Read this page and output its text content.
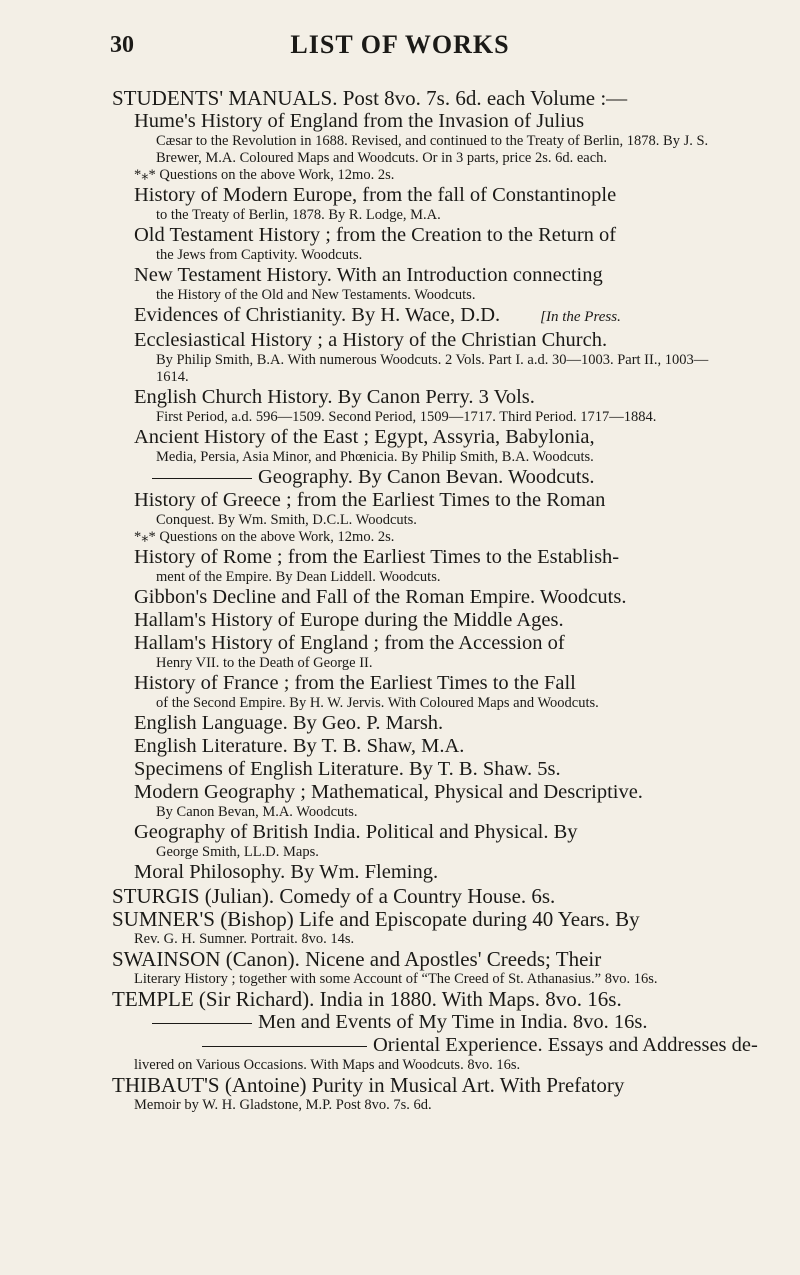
30	LIST OF WORKS
STUDENTS' MANUALS. Post 8vo. 7s. 6d. each Volume :—
Hume's History of England from the Invasion of Julius
Cæsar to the Revolution in 1688. Revised, and continued to the Treaty of Berlin, 1878. By J. S. Brewer, M.A. Coloured Maps and Woodcuts. Or in 3 parts, price 2s. 6d. each.
*⁎* Questions on the above Work, 12mo. 2s.
History of Modern Europe, from the fall of Constantinople
to the Treaty of Berlin, 1878. By R. Lodge, M.A.
Old Testament History ; from the Creation to the Return of
the Jews from Captivity. Woodcuts.
New Testament History. With an Introduction connecting
the History of the Old and New Testaments. Woodcuts.
Evidences of Christianity. By H. Wace, D.D.	[In the Press.
Ecclesiastical History ; a History of the Christian Church.
By Philip Smith, B.A. With numerous Woodcuts. 2 Vols. Part I. a.d. 30—1003. Part II., 1003—1614.
English Church History. By Canon Perry. 3 Vols.
First Period, a.d. 596—1509. Second Period, 1509—1717. Third Period. 1717—1884.
Ancient History of the East ; Egypt, Assyria, Babylonia,
Media, Persia, Asia Minor, and Phœnicia. By Philip Smith, B.A. Woodcuts.
Geography. By Canon Bevan. Woodcuts.
History of Greece ; from the Earliest Times to the Roman
Conquest. By Wm. Smith, D.C.L. Woodcuts.
*⁎* Questions on the above Work, 12mo. 2s.
History of Rome ; from the Earliest Times to the Establish-
ment of the Empire. By Dean Liddell. Woodcuts.
Gibbon's Decline and Fall of the Roman Empire. Woodcuts.
Hallam's History of Europe during the Middle Ages.
Hallam's History of England ; from the Accession of
Henry VII. to the Death of George II.
History of France ; from the Earliest Times to the Fall
of the Second Empire. By H. W. Jervis. With Coloured Maps and Woodcuts.
English Language. By Geo. P. Marsh.
English Literature. By T. B. Shaw, M.A.
Specimens of English Literature. By T. B. Shaw. 5s.
Modern Geography ; Mathematical, Physical and Descriptive.
By Canon Bevan, M.A. Woodcuts.
Geography of British India. Political and Physical. By
George Smith, LL.D. Maps.
Moral Philosophy. By Wm. Fleming.
STURGIS (Julian). Comedy of a Country House. 6s.
SUMNER'S (Bishop) Life and Episcopate during 40 Years. By
Rev. G. H. Sumner. Portrait. 8vo. 14s.
SWAINSON (Canon). Nicene and Apostles' Creeds; Their
Literary History ; together with some Account of “The Creed of St. Athanasius.” 8vo. 16s.
TEMPLE (Sir Richard). India in 1880. With Maps. 8vo. 16s.
Men and Events of My Time in India. 8vo. 16s.
Oriental Experience. Essays and Addresses de-
livered on Various Occasions. With Maps and Woodcuts. 8vo. 16s.
THIBAUT'S (Antoine) Purity in Musical Art. With Prefatory
Memoir by W. H. Gladstone, M.P. Post 8vo. 7s. 6d.
